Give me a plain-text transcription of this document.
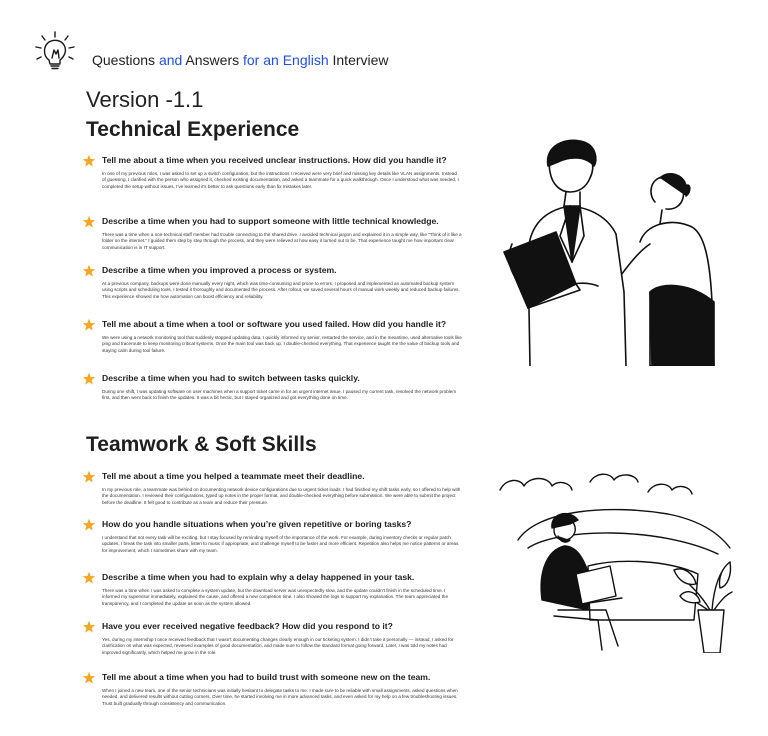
Questions and Answers for an English Interview
Version -1.1
Technical Experience
Tell me about a time when you received unclear instructions. How did you handle it?
In one of my previous roles, I was asked to set up a switch configuration, but the instructions I received were very brief and missing key details like VLAN assignments. Instead of guessing, I clarified with the person who assigned it, checked existing documentation, and asked a teammate for a quick walkthrough. Once I understood what was needed, I completed the setup without issues. I’ve learned it’s better to ask questions early than fix mistakes later.
Describe a time when you had to support someone with little technical knowledge.
There was a time when a non-technical staff member had trouble connecting to the shared drive. I avoided technical jargon and explained it in a simple way, like “Think of it like a folder on the internet.” I guided them step by step through the process, and they were relieved at how easy it turned out to be. That experience taught me how important clear communication is in IT support.
Describe a time when you improved a process or system.
At a previous company, backups were done manually every night, which was time-consuming and prone to errors. I proposed and implemented an automated backup system using scripts and scheduling tools. I tested it thoroughly and documented the process. After rollout, we saved several hours of manual work weekly and reduced backup failures. This experience showed me how automation can boost efficiency and reliability.
Tell me about a time when a tool or software you used failed. How did you handle it?
We were using a network monitoring tool that suddenly stopped updating data. I quickly informed my senior, restarted the service, and in the meantime, used alternative tools like ping and traceroute to keep monitoring critical systems. Once the main tool was back up, I double-checked everything. That experience taught me the value of backup tools and staying calm during tool failure.
Describe a time when you had to switch between tasks quickly.
During one shift, I was updating software on user machines when a support ticket came in for an urgent internet issue. I paused my current task, resolved the network problem first, and then went back to finish the updates. It was a bit hectic, but I stayed organized and got everything done on time.
Teamwork & Soft Skills
Tell me about a time you helped a teammate meet their deadline.
In my previous role, a teammate was behind on documenting network device configurations due to urgent ticket loads. I had finished my shift tasks early, so I offered to help with the documentation. I reviewed their configurations, typed up notes in the proper format, and double-checked everything before submission. We were able to submit the project before the deadline. It felt good to contribute as a team and reduce their pressure.
How do you handle situations when you’re given repetitive or boring tasks?
I understand that not every task will be exciting, but I stay focused by reminding myself of the importance of the work. For example, during inventory checks or regular patch updates, I break the task into smaller parts, listen to music if appropriate, and challenge myself to be faster and more efficient. Repetition also helps me notice patterns or areas for improvement, which I sometimes share with my team.
Describe a time when you had to explain why a delay happened in your task.
There was a time when I was asked to complete a system update, but the download server was unexpectedly slow, and the update couldn’t finish in the scheduled time. I informed my supervisor immediately, explained the cause, and offered a new completion time. I also showed the logs to support my explanation. The team appreciated the transparency, and I completed the update as soon as the system allowed.
Have you ever received negative feedback? How did you respond to it?
Yes, during my internship I once received feedback that I wasn’t documenting changes clearly enough in our ticketing system. I didn’t take it personally — instead, I asked for clarification on what was expected, reviewed examples of good documentation, and made sure to follow the standard format going forward. Later, I was told my notes had improved significantly, which helped me grow in the role.
Tell me about a time when you had to build trust with someone new on the team.
When I joined a new team, one of the senior technicians was initially hesitant to delegate tasks to me. I made sure to be reliable with small assignments, asked questions when needed, and delivered results without cutting corners. Over time, he started involving me in more advanced tasks, and even asked for my help on a few troubleshooting issues. Trust built gradually through consistency and communication.
